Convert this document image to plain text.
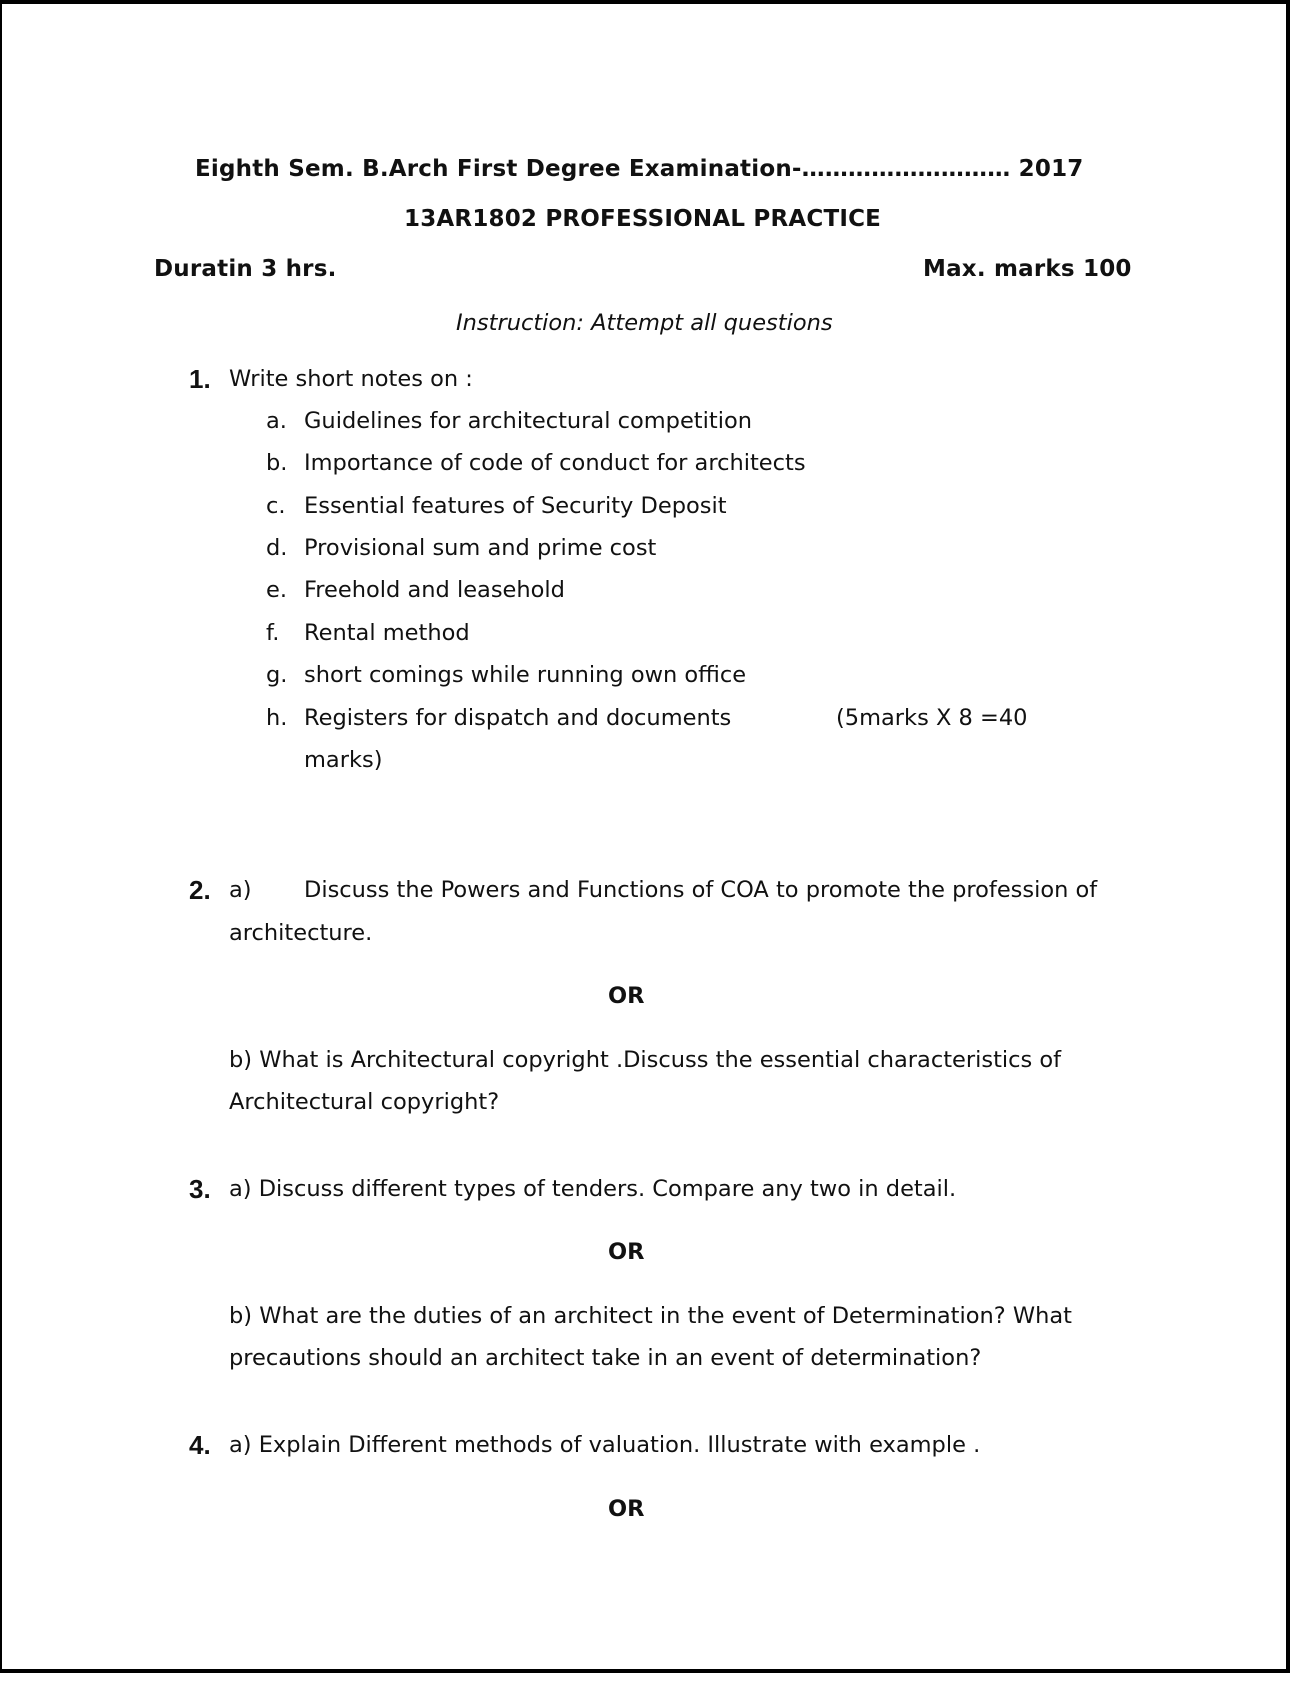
Eighth Sem. B.Arch First Degree Examination-……………………… 2017
13AR1802 PROFESSIONAL PRACTICE
Duratin 3 hrs.	Max. marks 100
Instruction: Attempt all questions
1. Write short notes on :
a. Guidelines for architectural competition
b. Importance of code of conduct for architects
c. Essential features of Security Deposit
d. Provisional sum and prime cost
e. Freehold and leasehold
f. Rental method
g. short comings while running own office
h. Registers for dispatch and documents	(5marks X 8 =40
marks)
2. a) Discuss the Powers and Functions of COA to promote the profession of
architecture.
OR
b) What is Architectural copyright .Discuss the essential characteristics of
Architectural copyright?
3. a) Discuss different types of tenders. Compare any two in detail.
OR
b) What are the duties of an architect in the event of Determination? What
precautions should an architect take in an event of determination?
4. a) Explain Different methods of valuation. Illustrate with example .
OR
